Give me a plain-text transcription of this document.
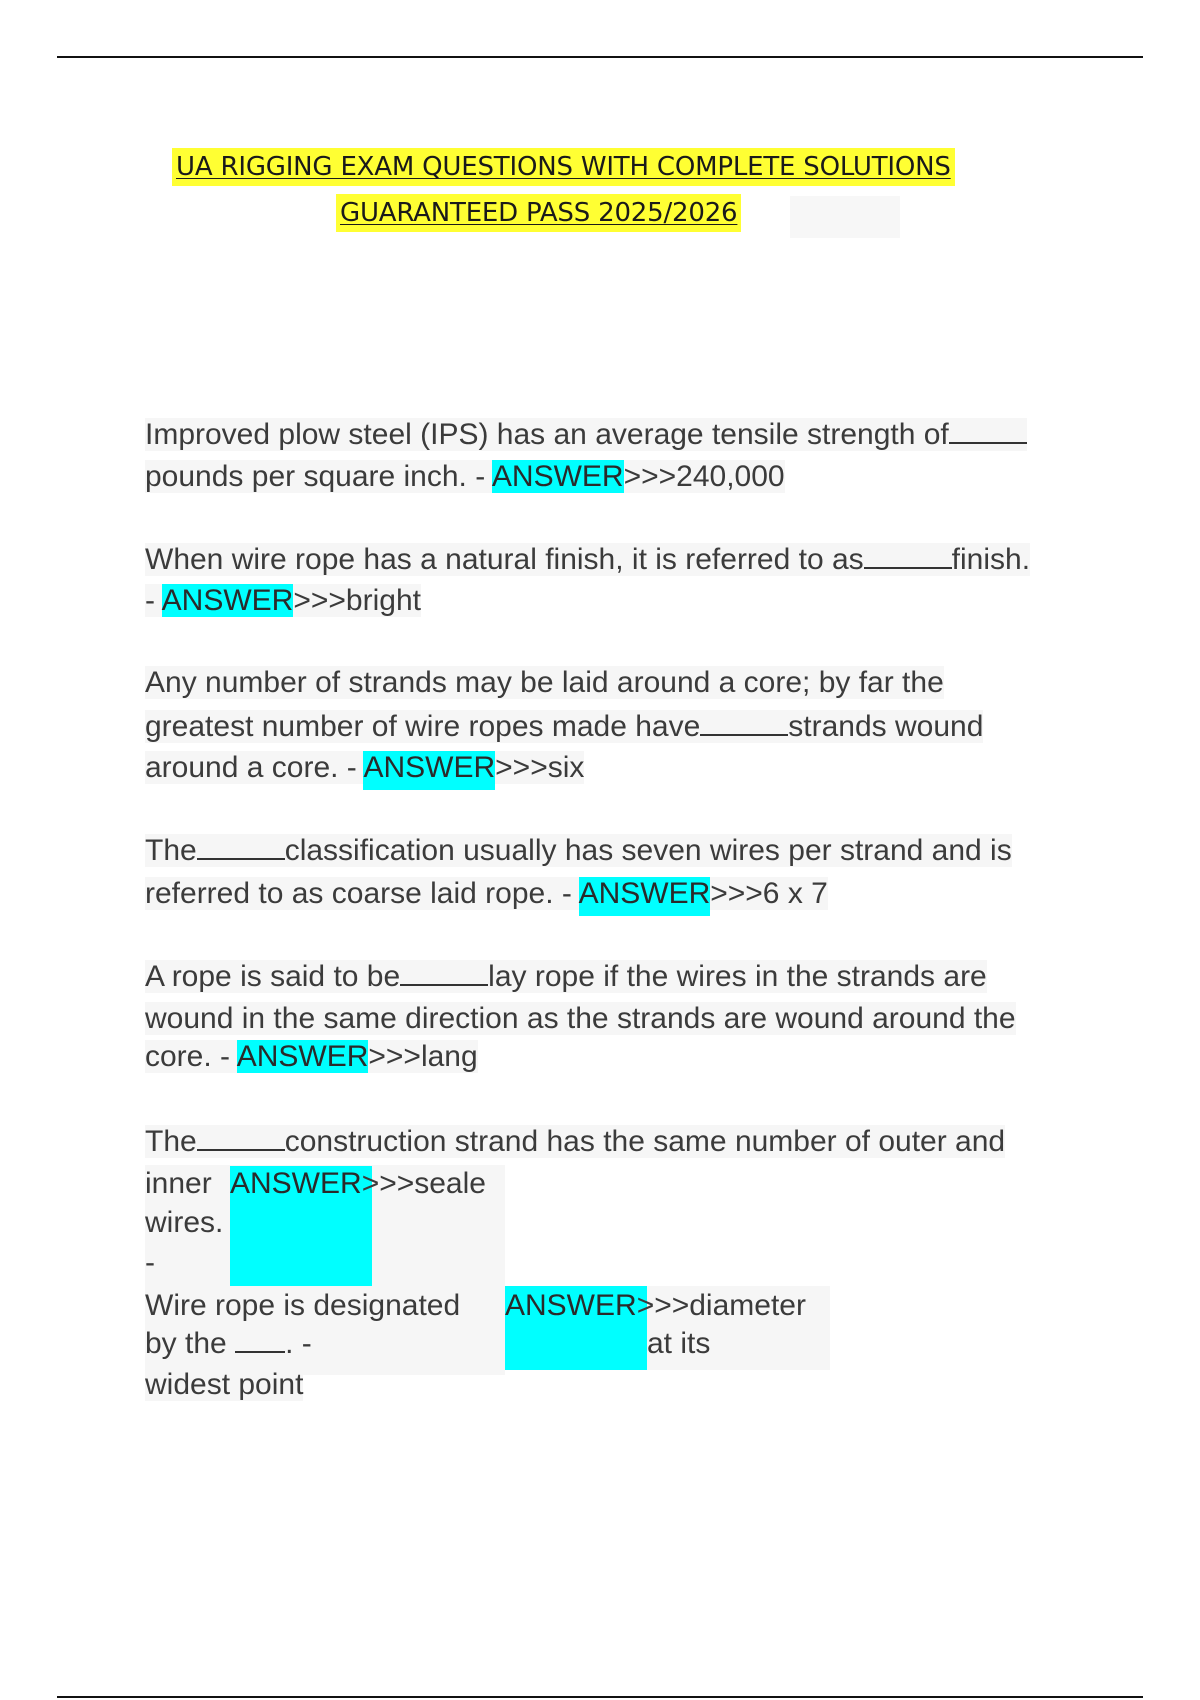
UA RIGGING EXAM QUESTIONS WITH COMPLETE SOLUTIONS
GUARANTEED PASS 2025/2026
Improved plow steel (IPS) has an average tensile strength of
pounds per square inch. - ANSWER>>>240,000
When wire rope has a natural finish, it is referred to as	finish.
- ANSWER>>>bright
Any number of strands may be laid around a core; by far the
greatest number of wire ropes made have	strands wound
around a core. - ANSWER>>>six
The	classification usually has seven wires per strand and is
referred to as coarse laid rope. - ANSWER>>>6 x 7
A rope is said to be	lay rope if the wires in the strands are
wound in the same direction as the strands are wound around the
core. - ANSWER>>>lang
The	construction strand has the same number of outer and
inner ANSWER>>>seale
wires.
-
Wire rope is designated ANSWER>>>diameter
by the . -	at its
widest point
